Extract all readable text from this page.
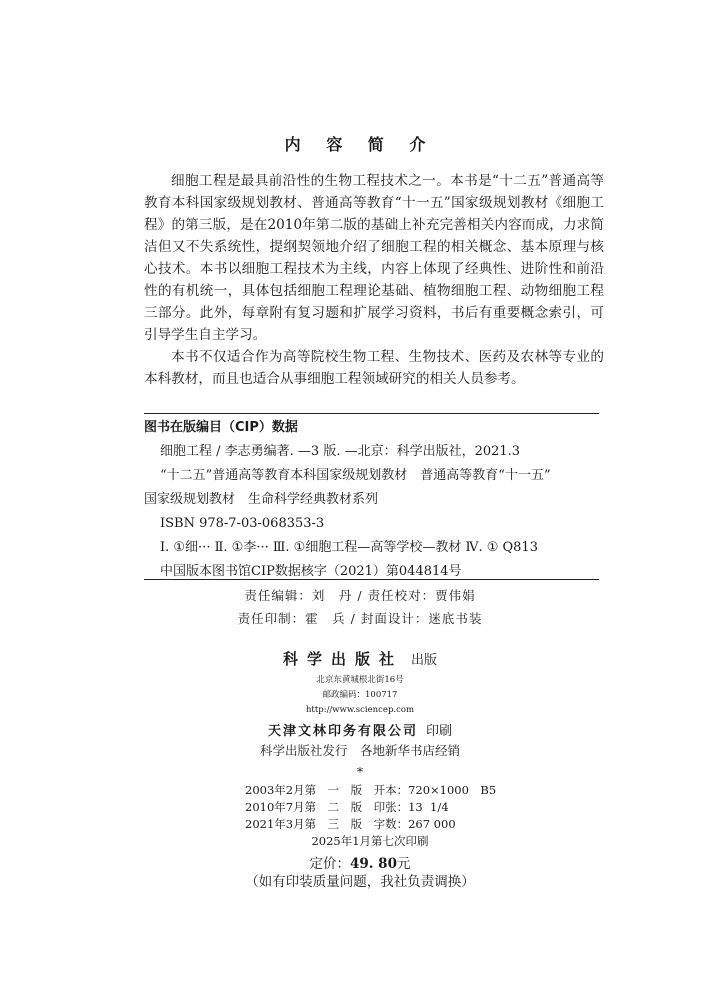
内 容 简 介

细胞工程是最具前沿性的生物工程技术之一。本书是“十二五”普通高等教育本科国家级规划教材、普通高等教育“十一五”国家级规划教材《细胞工程》的第三版，是在2010年第二版的基础上补充完善相关内容而成，力求简洁但又不失系统性，提纲契领地介绍了细胞工程的相关概念、基本原理与核心技术。本书以细胞工程技术为主线，内容上体现了经典性、进阶性和前沿性的有机统一，具体包括细胞工程理论基础、植物细胞工程、动物细胞工程三部分。此外，每章附有复习题和扩展学习资料，书后有重要概念索引，可引导学生自主学习。

本书不仅适合作为高等院校生物工程、生物技术、医药及农林等专业的本科教材，而且也适合从事细胞工程领域研究的相关人员参考。

图书在版编目（CIP）数据
细胞工程 / 李志勇编著. —3 版. —北京：科学出版社，2021.3
“十二五”普通高等教育本科国家级规划教材　普通高等教育“十一五”
国家级规划教材　生命科学经典教材系列
ISBN 978-7-03-068353-3
Ⅰ. ①细··· Ⅱ. ①李··· Ⅲ. ①细胞工程—高等学校—教材 Ⅳ. ① Q813
中国版本图书馆CIP数据核字（2021）第044814号
责任编辑：刘　丹 / 责任校对：贾伟娟
责任印制：霍　兵 / 封面设计：迷底书装
科学出版社 出版
北京东黄城根北街16号
邮政编码：100717
http://www.sciencep.com
天津文林印务有限公司 印刷
科学出版社发行　各地新华书店经销
*
2003年2月第　一　版　开本：720×1000　B5
2010年7月第　二　版　印张：13  1/4
2021年3月第　三　版　字数：267 000
2025年1月第七次印刷
定价：49. 80元
（如有印装质量问题，我社负责调换）
